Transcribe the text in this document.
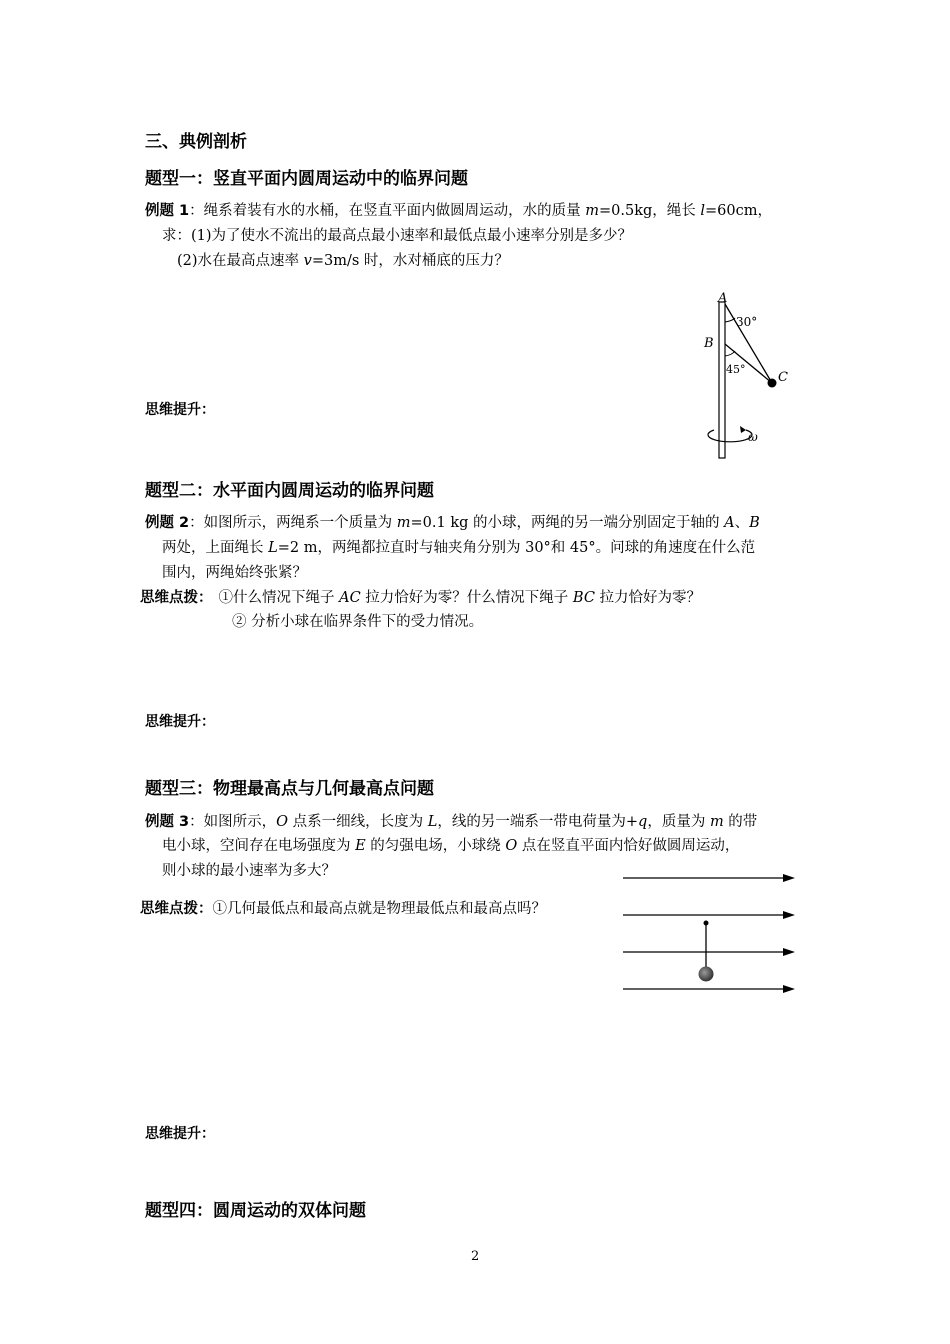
三、典例剖析
题型一：竖直平面内圆周运动中的临界问题
例题 1：绳系着装有水的水桶，在竖直平面内做圆周运动，水的质量 m=0.5kg，绳长 l=60cm，
求：(1)为了使水不流出的最高点最小速率和最低点最小速率分别是多少？
(2)水在最高点速率 v=3m/s 时，水对桶底的压力？
思维提升：
A
B
C
30°
45°
ω
题型二：水平面内圆周运动的临界问题
例题 2：如图所示，两绳系一个质量为 m=0.1 kg 的小球，两绳的另一端分别固定于轴的 A、B
两处，上面绳长 L=2 m，两绳都拉直时与轴夹角分别为 30°和 45°。问球的角速度在什么范
围内，两绳始终张紧？
思维点拨： ①什么情况下绳子 AC 拉力恰好为零？什么情况下绳子 BC 拉力恰好为零？
② 分析小球在临界条件下的受力情况。
思维提升：
题型三：物理最高点与几何最高点问题
例题 3：如图所示，O 点系一细线，长度为 L，线的另一端系一带电荷量为+q，质量为 m 的带
电小球，空间存在电场强度为 E 的匀强电场，小球绕 O 点在竖直平面内恰好做圆周运动，
则小球的最小速率为多大？
思维点拨：①几何最低点和最高点就是物理最低点和最高点吗？
思维提升：
题型四：圆周运动的双体问题
2
